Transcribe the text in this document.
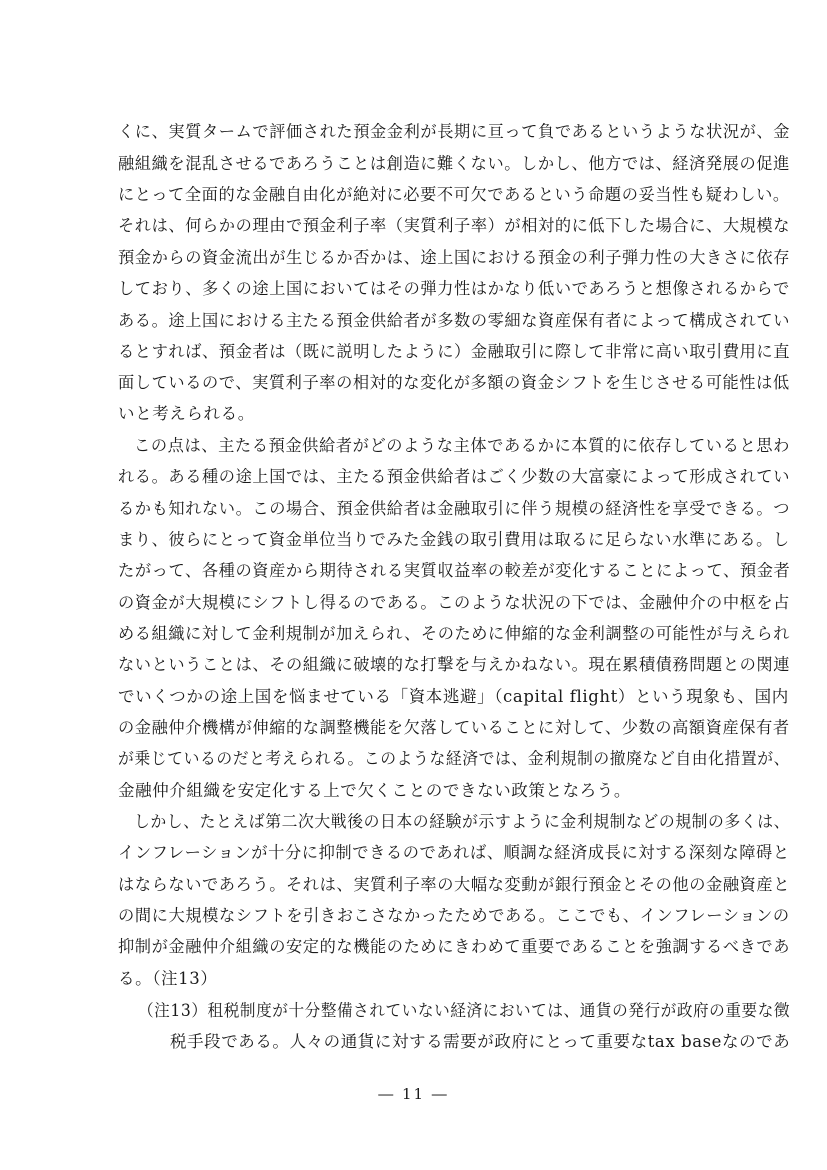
くに、実質タームで評価された預金金利が長期に亘って負であるというような状況が、金
融組織を混乱させるであろうことは創造に難くない。しかし、他方では、経済発展の促進
にとって全面的な金融自由化が絶対に必要不可欠であるという命題の妥当性も疑わしい。
それは、何らかの理由で預金利子率（実質利子率）が相対的に低下した場合に、大規模な
預金からの資金流出が生じるか否かは、途上国における預金の利子弾力性の大きさに依存
しており、多くの途上国においてはその弾力性はかなり低いであろうと想像されるからで
ある。途上国における主たる預金供給者が多数の零細な資産保有者によって構成されてい
るとすれば、預金者は（既に説明したように）金融取引に際して非常に高い取引費用に直
面しているので、実質利子率の相対的な変化が多額の資金シフトを生じさせる可能性は低
いと考えられる。
この点は、主たる預金供給者がどのような主体であるかに本質的に依存していると思わ
れる。ある種の途上国では、主たる預金供給者はごく少数の大富豪によって形成されてい
るかも知れない。この場合、預金供給者は金融取引に伴う規模の経済性を享受できる。つ
まり、彼らにとって資金単位当りでみた金銭の取引費用は取るに足らない水準にある。し
たがって、各種の資産から期待される実質収益率の較差が変化することによって、預金者
の資金が大規模にシフトし得るのである。このような状況の下では、金融仲介の中枢を占
める組織に対して金利規制が加えられ、そのために伸縮的な金利調整の可能性が与えられ
ないということは、その組織に破壊的な打撃を与えかねない。現在累積債務問題との関連
でいくつかの途上国を悩ませている「資本逃避」（capital flight）という現象も、国内
の金融仲介機構が伸縮的な調整機能を欠落していることに対して、少数の高額資産保有者
が乗じているのだと考えられる。このような経済では、金利規制の撤廃など自由化措置が、
金融仲介組織を安定化する上で欠くことのできない政策となろう。
しかし、たとえば第二次大戦後の日本の経験が示すように金利規制などの規制の多くは、
インフレーションが十分に抑制できるのであれば、順調な経済成長に対する深刻な障碍と
はならないであろう。それは、実質利子率の大幅な変動が銀行預金とその他の金融資産と
の間に大規模なシフトを引きおこさなかったためである。ここでも、インフレーションの
抑制が金融仲介組織の安定的な機能のためにきわめて重要であることを強調するべきであ
る。（注13）
（注13）租税制度が十分整備されていない経済においては、通貨の発行が政府の重要な徴
税手段である。人々の通貨に対する需要が政府にとって重要なtax baseなのであ
― 11 ―
